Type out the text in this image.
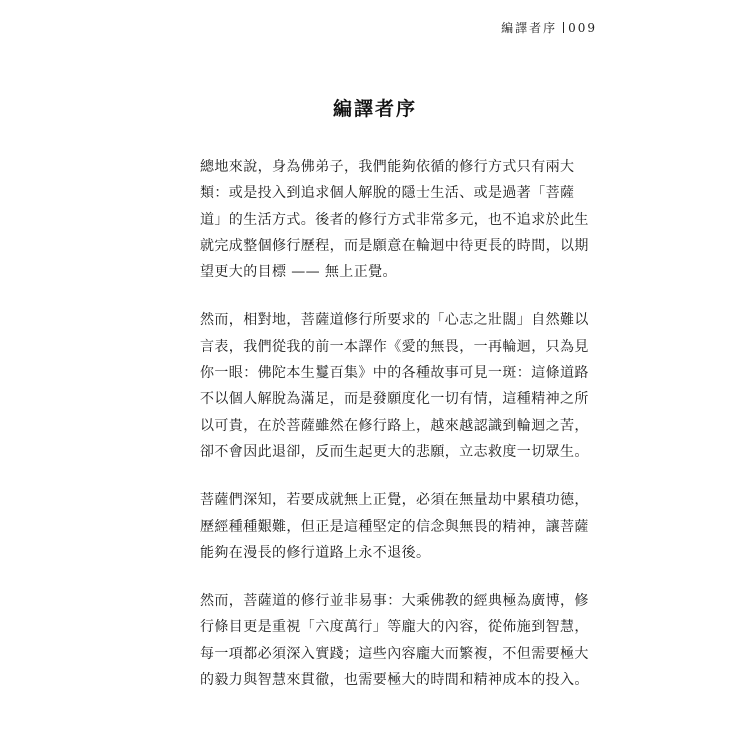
編譯者序 009
編譯者序

總地來說，身為佛弟子，我們能夠依循的修行方式只有兩大
類：或是投入到追求個人解脫的隱士生活、或是過著「菩薩
道」的生活方式。後者的修行方式非常多元，也不追求於此生
就完成整個修行歷程，而是願意在輪迴中待更長的時間，以期
望更大的目標 —— 無上正覺。

然而，相對地，菩薩道修行所要求的「心志之壯闊」自然難以
言表，我們從我的前一本譯作《愛的無畏，一再輪迴，只為見
你一眼：佛陀本生鬘百集》中的各種故事可見一斑：這條道路
不以個人解脫為滿足，而是發願度化一切有情，這種精神之所
以可貴，在於菩薩雖然在修行路上，越來越認識到輪迴之苦，
卻不會因此退卻，反而生起更大的悲願，立志救度一切眾生。

菩薩們深知，若要成就無上正覺，必須在無量劫中累積功德，
歷經種種艱難，但正是這種堅定的信念與無畏的精神，讓菩薩
能夠在漫長的修行道路上永不退後。

然而，菩薩道的修行並非易事：大乘佛教的經典極為廣博，修
行條目更是重視「六度萬行」等龐大的內容，從佈施到智慧，
每一項都必須深入實踐；這些內容龐大而繁複，不但需要極大
的毅力與智慧來貫徹，也需要極大的時間和精神成本的投入。
